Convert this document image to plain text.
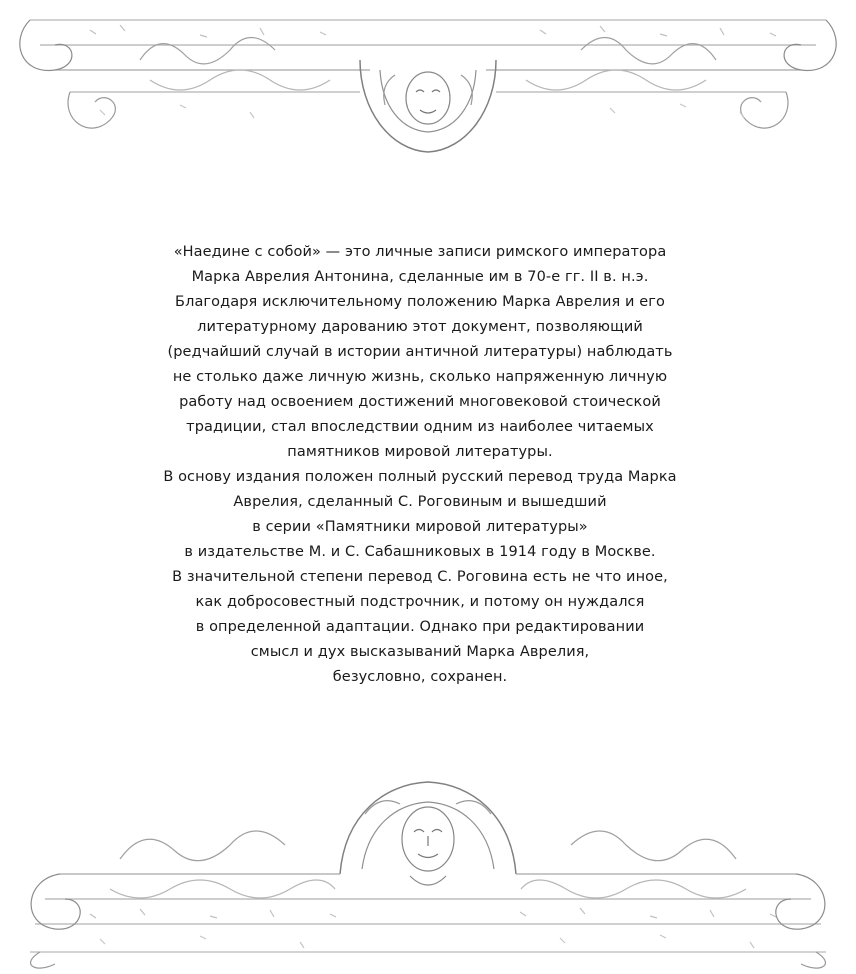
«Наедине с собой» — это личные записи римского императора
Марка Аврелия Антонина, сделанные им в 70-е гг. II в. н.э.
Благодаря исключительному положению Марка Аврелия и его
литературному дарованию этот документ, позволяющий
(редчайший случай в истории античной литературы) наблюдать
не столько даже личную жизнь, сколько напряженную личную
работу над освоением достижений многовековой стоической
традиции, стал впоследствии одним из наиболее читаемых
памятников мировой литературы.
В основу издания положен полный русский перевод труда Марка
Аврелия, сделанный С. Роговиным и вышедший
в серии «Памятники мировой литературы»
в издательстве М. и С. Сабашниковых в 1914 году в Москве.
В значительной степени перевод С. Роговина есть не что иное,
как добросовестный подстрочник, и потому он нуждался
в определенной адаптации. Однако при редактировании
смысл и дух высказываний Марка Аврелия,
безусловно, сохранен.
